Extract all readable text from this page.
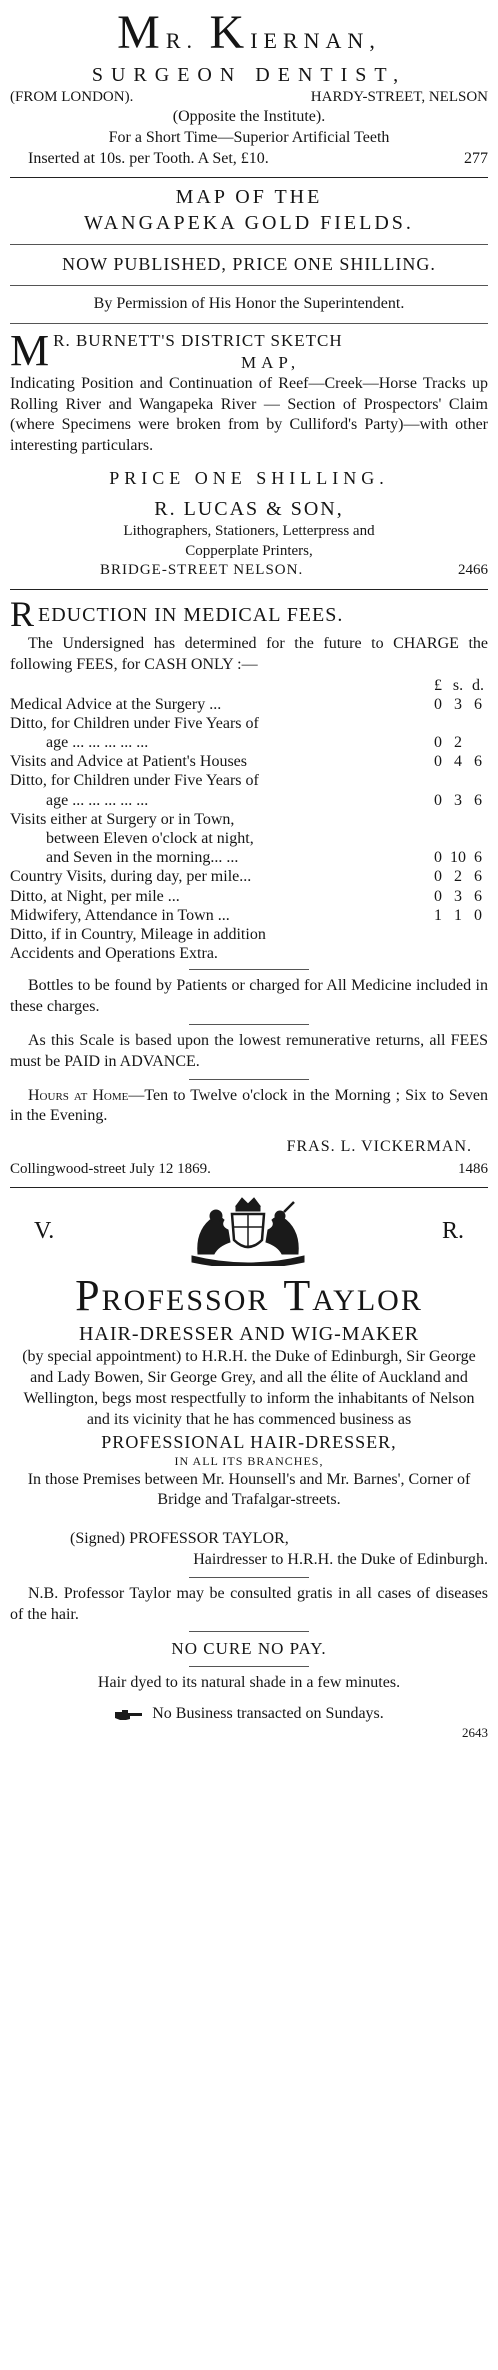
MR. KIERNAN,
SURGEON DENTIST,
(FROM LONDON).	HARDY-STREET, NELSON
(Opposite the Institute).
For a Short Time—Superior Artificial Teeth
Inserted at 10s. per Tooth. A Set, £10.	277
MAP OF THE
WANGAPEKA GOLD FIELDS.
NOW PUBLISHED, PRICE ONE SHILLING.
By Permission of His Honor the Superintendent.
M R. BURNETT'S DISTRICT SKETCH
MAP,
Indicating Position and Continuation of Reef—Creek—Horse Tracks up Rolling River and Wangapeka River — Section of Prospectors' Claim (where Specimens were broken from by Culliford's Party)—with other interesting particulars.
PRICE ONE SHILLING.
R. LUCAS & SON,
Lithographers, Stationers, Letterpress and
Copperplate Printers,
BRIDGE-STREET NELSON.	2466
R EDUCTION IN MEDICAL FEES.
The Undersigned has determined for the future to CHARGE the following FEES, for CASH ONLY :—
	£	s.	d.
Medical Advice at the Surgery ...	0	3	6
Ditto, for Children under Five Years of			
age ... ... ... ... ...	0	2	
Visits and Advice at Patient's Houses	0	4	6
Ditto, for Children under Five Years of			
age ... ... ... ... ...	0	3	6
Visits either at Surgery or in Town,			
between Eleven o'clock at night,			
and Seven in the morning... ...	0	10	6
Country Visits, during day, per mile...	0	2	6
Ditto, at Night, per mile ...	0	3	6
Midwifery, Attendance in Town ...	1	1	0
Ditto, if in Country, Mileage in addition			
Accidents and Operations Extra.			
Bottles to be found by Patients or charged for All Medicine included in these charges.
As this Scale is based upon the lowest remunerative returns, all FEES must be PAID in ADVANCE.
Hours at Home—Ten to Twelve o'clock in the Morning ; Six to Seven in the Evening.
FRAS. L. VICKERMAN.
Collingwood-street July 12 1869.	1486
V.	R.
PROFESSOR TAYLOR
HAIR-DRESSER AND WIG-MAKER
(by special appointment) to H.R.H. the Duke of Edinburgh, Sir George and Lady Bowen, Sir George Grey, and all the élite of Auckland and Wellington, begs most respectfully to inform the inhabitants of Nelson and its vicinity that he has commenced business as
PROFESSIONAL HAIR-DRESSER,
IN ALL ITS BRANCHES,
In those Premises between Mr. Hounsell's and Mr. Barnes', Corner of Bridge and Trafalgar-streets.
(Signed) PROFESSOR TAYLOR,
Hairdresser to H.R.H. the Duke of Edinburgh.
N.B. Professor Taylor may be consulted gratis in all cases of diseases of the hair.
NO CURE NO PAY.
Hair dyed to its natural shade in a few minutes.
No Business transacted on Sundays.
2643
